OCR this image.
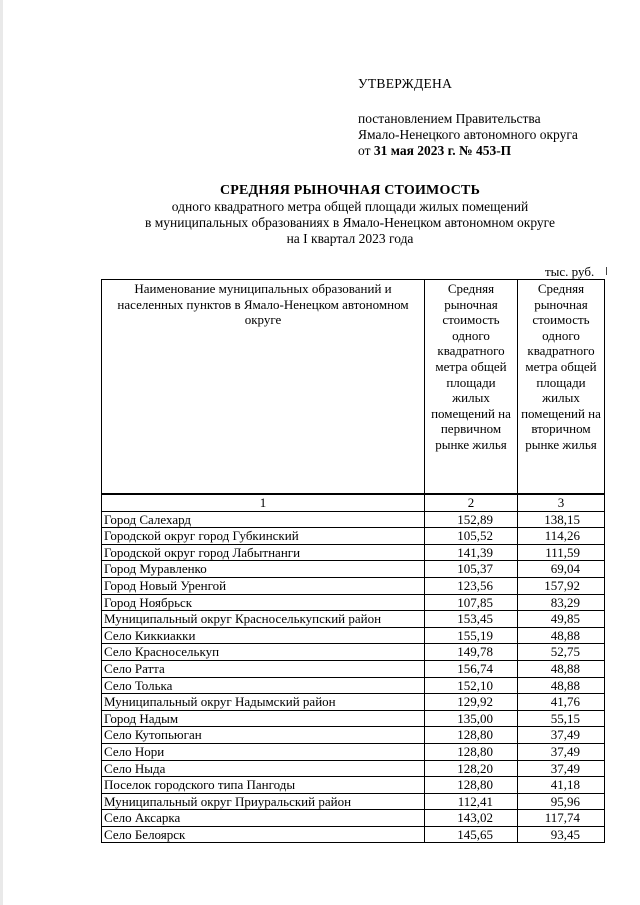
УТВЕРЖДЕНА
постановлением Правительства
Ямало-Ненецкого автономного округа
от 31 мая 2023 г. № 453-П
СРЕДНЯЯ РЫНОЧНАЯ СТОИМОСТЬ
одного квадратного метра общей площади жилых помещений
в муниципальных образованиях в Ямало-Ненецком автономном округе
на I квартал 2023 года
тыс. руб.
Наименование муниципальных образований и населенных пунктов в Ямало-Ненецком автономном округе	Средняя рыночная стоимость одного квадратного метра общей площади жилых помещений на первичном рынке жилья	Средняя рыночная стоимость одного квадратного метра общей площади жилых помещений на вторичном рынке жилья
1	2	3
Город Салехард	152,89	138,15
Городской округ город Губкинский	105,52	114,26
Городской округ город Лабытнанги	141,39	111,59
Город Муравленко	105,37	69,04
Город Новый Уренгой	123,56	157,92
Город Ноябрьск	107,85	83,29
Муниципальный округ Красноселькупский район	153,45	49,85
Село Киккиакки	155,19	48,88
Село Красноселькуп	149,78	52,75
Село Ратта	156,74	48,88
Село Толька	152,10	48,88
Муниципальный округ Надымский район	129,92	41,76
Город Надым	135,00	55,15
Село Кутопьюган	128,80	37,49
Село Нори	128,80	37,49
Село Ныда	128,20	37,49
Поселок городского типа Пангоды	128,80	41,18
Муниципальный округ Приуральский район	112,41	95,96
Село Аксарка	143,02	117,74
Село Белоярск	145,65	93,45
